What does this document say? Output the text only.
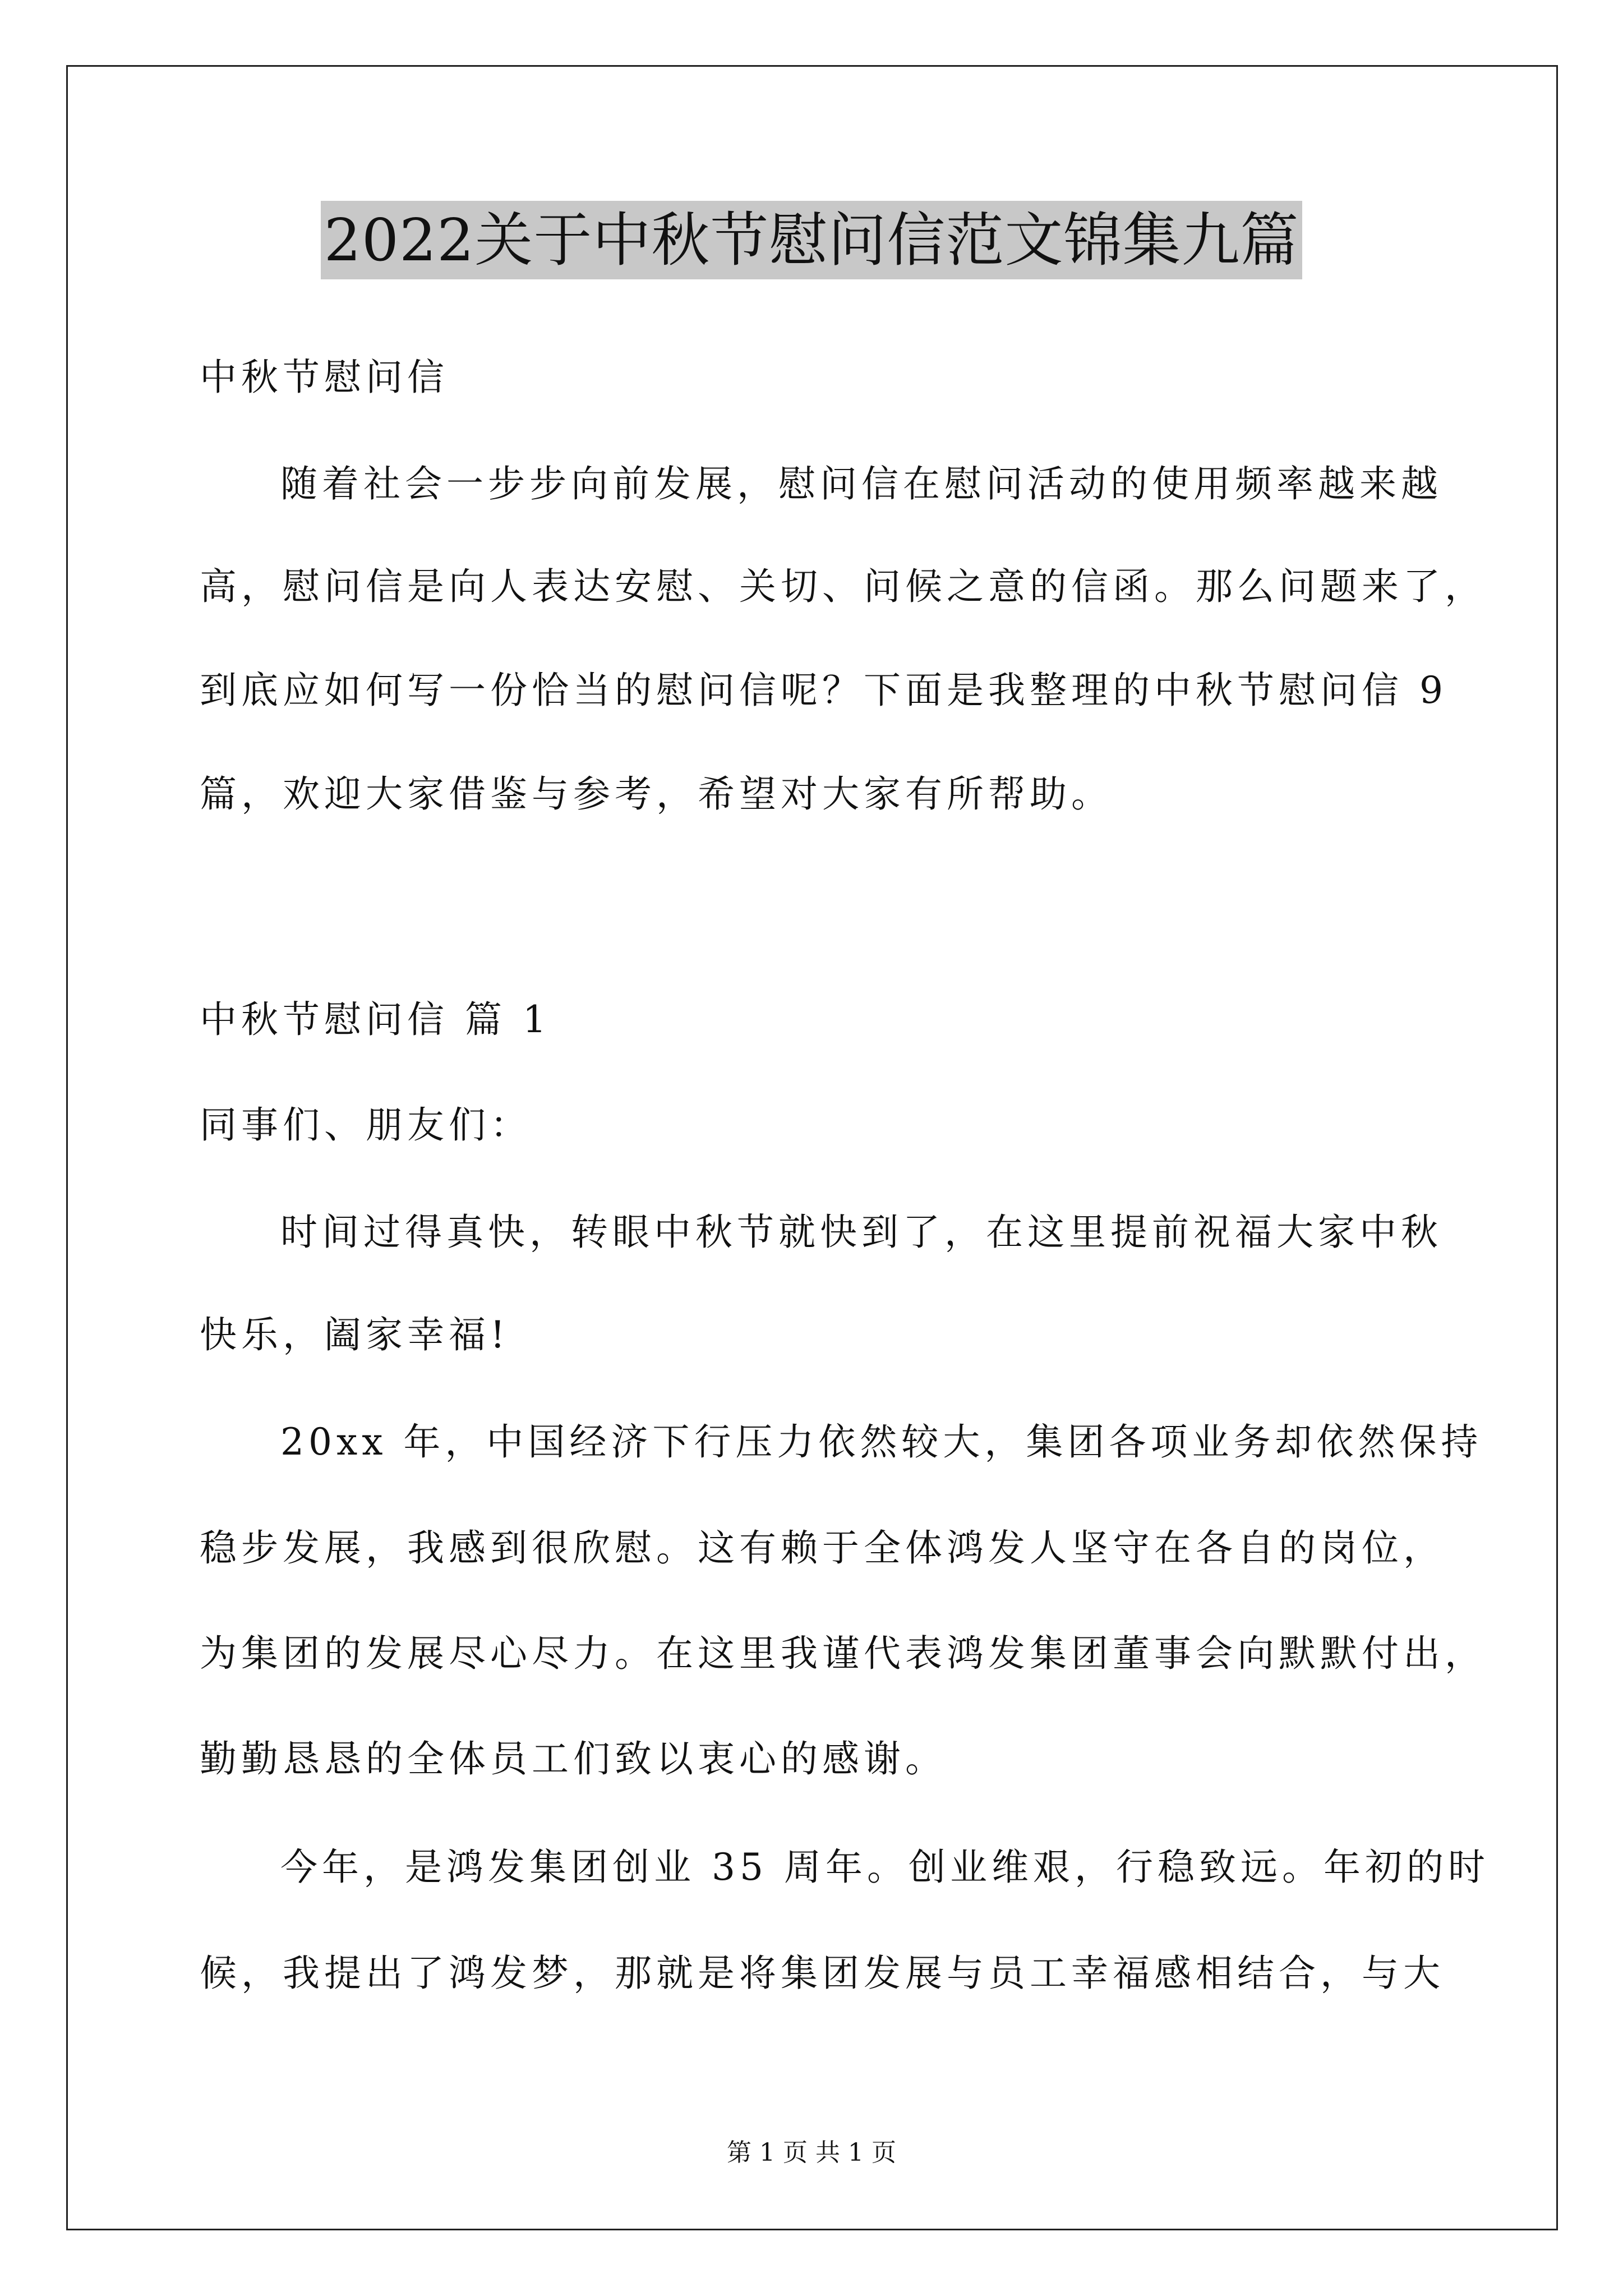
2022关于中秋节慰问信范文锦集九篇
中秋节慰问信
随着社会一步步向前发展，慰问信在慰问活动的使用频率越来越
高，慰问信是向人表达安慰、关切、问候之意的信函。那么问题来了，
到底应如何写一份恰当的慰问信呢？下面是我整理的中秋节慰问信 9
篇，欢迎大家借鉴与参考，希望对大家有所帮助。
中秋节慰问信 篇 1
同事们、朋友们：
时间过得真快，转眼中秋节就快到了，在这里提前祝福大家中秋
快乐，阖家幸福!
20xx 年，中国经济下行压力依然较大，集团各项业务却依然保持
稳步发展，我感到很欣慰。这有赖于全体鸿发人坚守在各自的岗位，
为集团的发展尽心尽力。在这里我谨代表鸿发集团董事会向默默付出，
勤勤恳恳的全体员工们致以衷心的感谢。
今年，是鸿发集团创业 35 周年。创业维艰，行稳致远。年初的时
候，我提出了鸿发梦，那就是将集团发展与员工幸福感相结合，与大
第 1 页 共 1 页
